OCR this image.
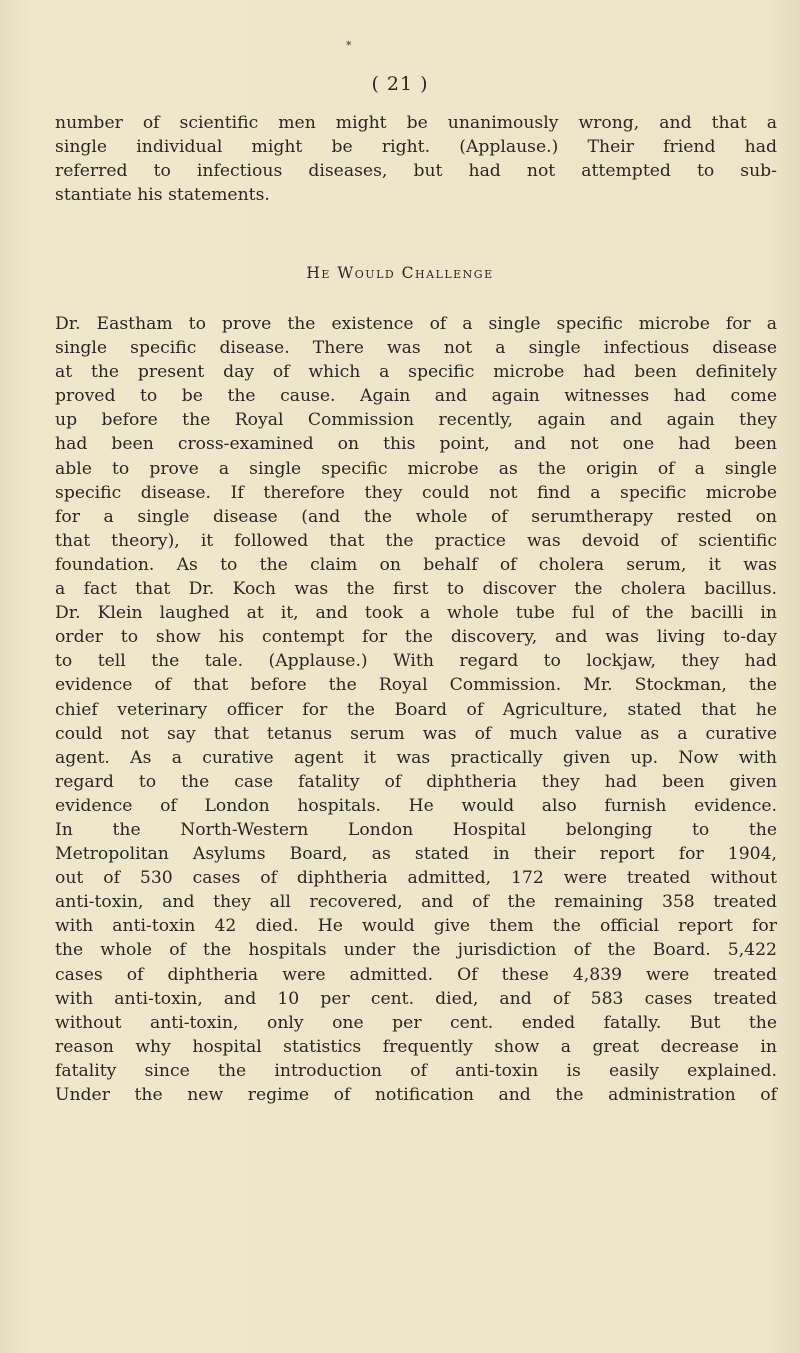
*
( 21 )
number of scientific men might be unanimously wrong, and that a
single individual might be right. (Applause.) Their friend had
referred to infectious diseases, but had not attempted to sub-
stantiate his statements.
He Would Challenge
Dr. Eastham to prove the existence of a single specific microbe for a
single specific disease. There was not a single infectious disease
at the present day of which a specific microbe had been definitely
proved to be the cause. Again and again witnesses had come
up before the Royal Commission recently, again and again they
had been cross-examined on this point, and not one had been
able to prove a single specific microbe as the origin of a single
specific disease. If therefore they could not find a specific microbe
for a single disease (and the whole of serumtherapy rested on
that theory), it followed that the practice was devoid of scientific
foundation. As to the claim on behalf of cholera serum, it was
a fact that Dr. Koch was the first to discover the cholera bacillus.
Dr. Klein laughed at it, and took a whole tube ful of the bacilli in
order to show his contempt for the discovery, and was living to-day
to tell the tale. (Applause.) With regard to lockjaw, they had
evidence of that before the Royal Commission. Mr. Stockman, the
chief veterinary officer for the Board of Agriculture, stated that he
could not say that tetanus serum was of much value as a curative
agent. As a curative agent it was practically given up. Now with
regard to the case fatality of diphtheria they had been given
evidence of London hospitals. He would also furnish evidence.
In the North-Western London Hospital belonging to the
Metropolitan Asylums Board, as stated in their report for 1904,
out of 530 cases of diphtheria admitted, 172 were treated without
anti-toxin, and they all recovered, and of the remaining 358 treated
with anti-toxin 42 died. He would give them the official report for
the whole of the hospitals under the jurisdiction of the Board. 5,422
cases of diphtheria were admitted. Of these 4,839 were treated
with anti-toxin, and 10 per cent. died, and of 583 cases treated
without anti-toxin, only one per cent. ended fatally. But the
reason why hospital statistics frequently show a great decrease in
fatality since the introduction of anti-toxin is easily explained.
Under the new regime of notification and the administration of
